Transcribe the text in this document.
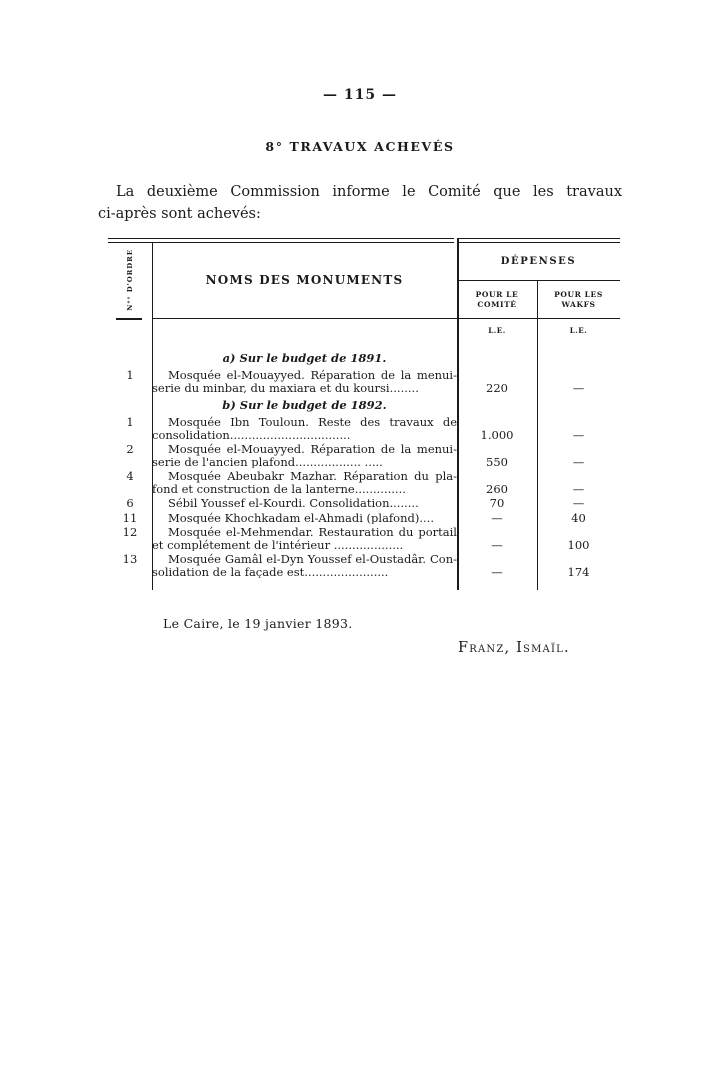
— 115 —
8° TRAVAUX ACHEVÉS
La deuxième Commission informe le Comité que les travaux
ci-après sont achevés:
Nᵒˢ D'ORDRE	NOMS DES MONUMENTS
DÉPENSES
POUR LE COMITÉ
POUR LES WAKFS
L.E.	L.E.
a) Sur le budget de 1891.
1	Mosquée el-Mouayyed. Réparation de la menui-
serie du minbar, du maxiara et du koursi........	220	—
b) Sur le budget de 1892.
1	Mosquée Ibn Touloun. Reste des travaux de
consolidation.................................	1.000	—
2	Mosquée el-Mouayyed. Réparation de la menui-
serie de l'ancien plafond.................. .....	550	—
4	Mosquée Abeubakr Mazhar. Réparation du pla-
fond et construction de la lanterne..............	260	—
6	Sébil Youssef el-Kourdi. Consolidation........	70	—
11	Mosquée Khochkadam el-Ahmadi (plafond)....	—	40
12	Mosquée el-Mehmendar. Restauration du portail
et complétement de l'intérieur ...................	—	100
13	Mosquée Gamâl el-Dyn Youssef el-Oustadâr. Con-
solidation de la façade est.......................	—	174
Le Caire, le 19 janvier 1893.
Franz, Ismaïl.
